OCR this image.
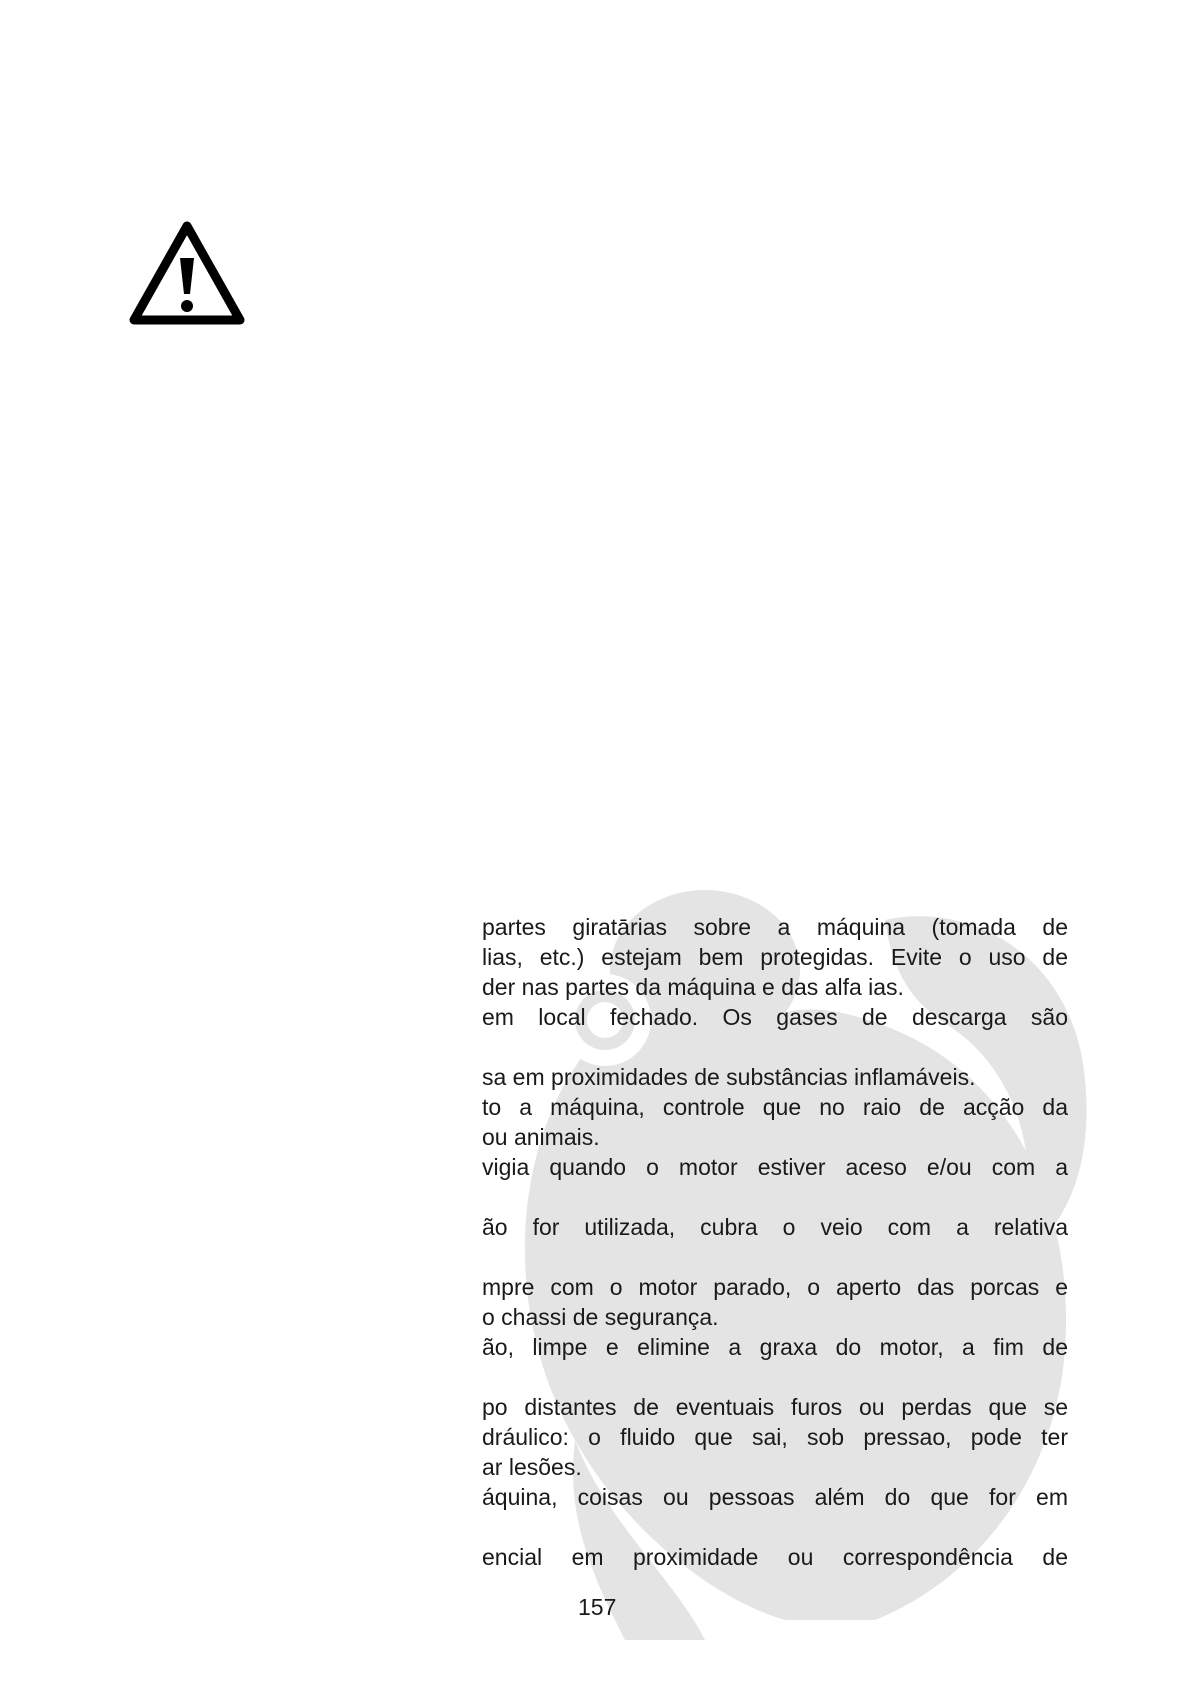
partes giratārias sobre a máquina (tomada de
lias, etc.) estejam bem protegidas. Evite o uso de
der nas partes da máquina e das alfa ias.
em local fechado. Os gases de descarga são
sa em proximidades de substâncias inflamáveis.
to a máquina, controle que no raio de acção da
ou animais.
vigia quando o motor estiver aceso e/ou com a
ão for utilizada, cubra o veio com a relativa
mpre com o motor parado, o aperto das porcas e
o chassi de segurança.
ão, limpe e elimine a graxa do motor, a fim de
po distantes de eventuais furos ou perdas que se
dráulico: o fluido que sai, sob pressao, pode ter
ar lesões.
áquina, coisas ou pessoas além do que for em
encial em proximidade ou correspondência de
157
